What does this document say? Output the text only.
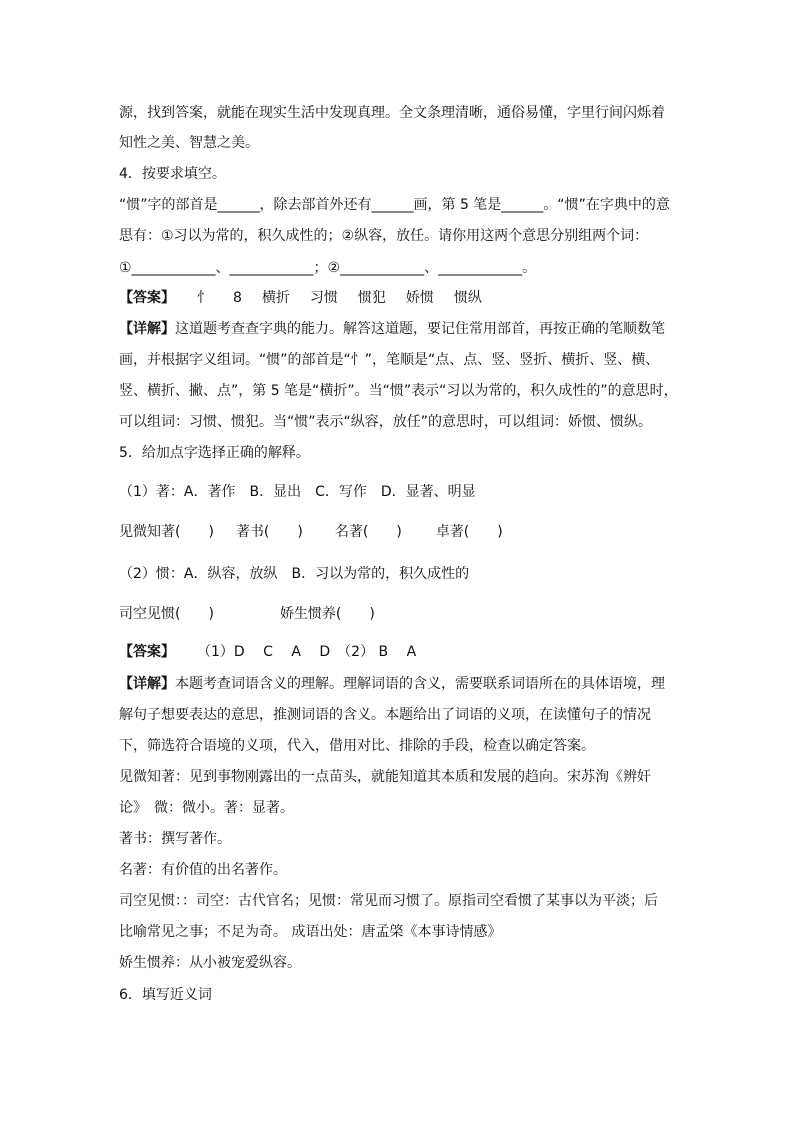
源，找到答案，就能在现实生活中发现真理。全文条理清晰，通俗易懂，字里行间闪烁着
知性之美、智慧之美。
4．按要求填空。
“惯”字的部首是______，除去部首外还有______画，第 5 笔是______。“惯”在字典中的意
思有：①习以为常的，积久成性的；②纵容，放任。请你用这两个意思分别组两个词：
①____________、____________；②____________、____________。
【答案】 忄 8 横折 习惯 惯犯 娇惯 惯纵
【详解】这道题考查查字典的能力。解答这道题，要记住常用部首，再按正确的笔顺数笔
画，并根据字义组词。“惯”的部首是“忄”，笔顺是“点、点、竖、竖折、横折、竖、横、
竖、横折、撇、点”，第 5 笔是“横折”。当“惯”表示“习以为常的，积久成性的”的意思时，
可以组词：习惯、惯犯。当“惯”表示“纵容，放任”的意思时，可以组词：娇惯、惯纵。
5．给加点字选择正确的解释。
（1）著：A．著作　B．显出　C．写作　D．显著、明显
见微知著(　　) 著书(　　) 名著(　　) 卓著(　　)
（2）惯：A．纵容，放纵　B．习以为常的，积久成性的
司空见惯(　　)	娇生惯养(　　)
【答案】 （1）D　 C　 A　 D　（2） B　 A
【详解】本题考查词语含义的理解。理解词语的含义，需要联系词语所在的具体语境，理
解句子想要表达的意思，推测词语的含义。本题给出了词语的义项，在读懂句子的情况
下，筛选符合语境的义项，代入，借用对比、排除的手段，检查以确定答案。
见微知著：见到事物刚露出的一点苗头，就能知道其本质和发展的趋向。宋苏洵《辨奸
论》　微：微小。著：显著。
著书：撰写著作。
名著：有价值的出名著作。
司空见惯：：司空：古代官名；见惯：常见而习惯了。原指司空看惯了某事以为平淡；后
比喻常见之事；不足为奇。 成语出处：唐孟棨《本事诗情感》
娇生惯养：从小被宠爱纵容。
6．填写近义词
